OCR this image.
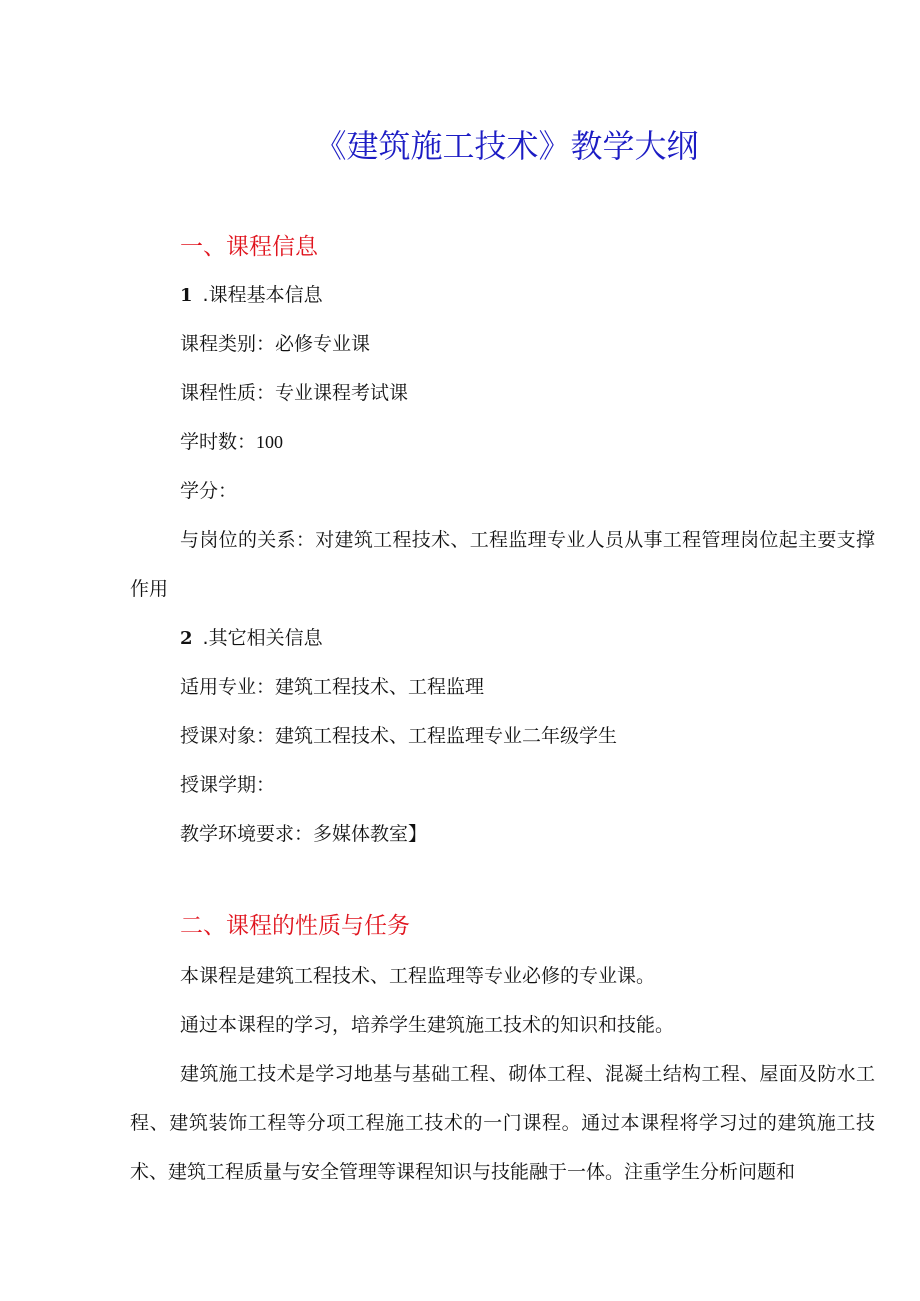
《建筑施工技术》教学大纲
一、课程信息

1 .课程基本信息

课程类别：必修专业课

课程性质：专业课程考试课

学时数：100

学分：

与岗位的关系：对建筑工程技术、工程监理专业人员从事工程管理岗位起主要支撑作用

2 .其它相关信息

适用专业：建筑工程技术、工程监理

授课对象：建筑工程技术、工程监理专业二年级学生

授课学期：

教学环境要求：多媒体教室】

二、课程的性质与任务

本课程是建筑工程技术、工程监理等专业必修的专业课。

通过本课程的学习，培养学生建筑施工技术的知识和技能。

建筑施工技术是学习地基与基础工程、砌体工程、混凝土结构工程、屋面及防水工程、建筑装饰工程等分项工程施工技术的一门课程。通过本课程将学习过的建筑施工技术、建筑工程质量与安全管理等课程知识与技能融于一体。注重学生分析问题和
